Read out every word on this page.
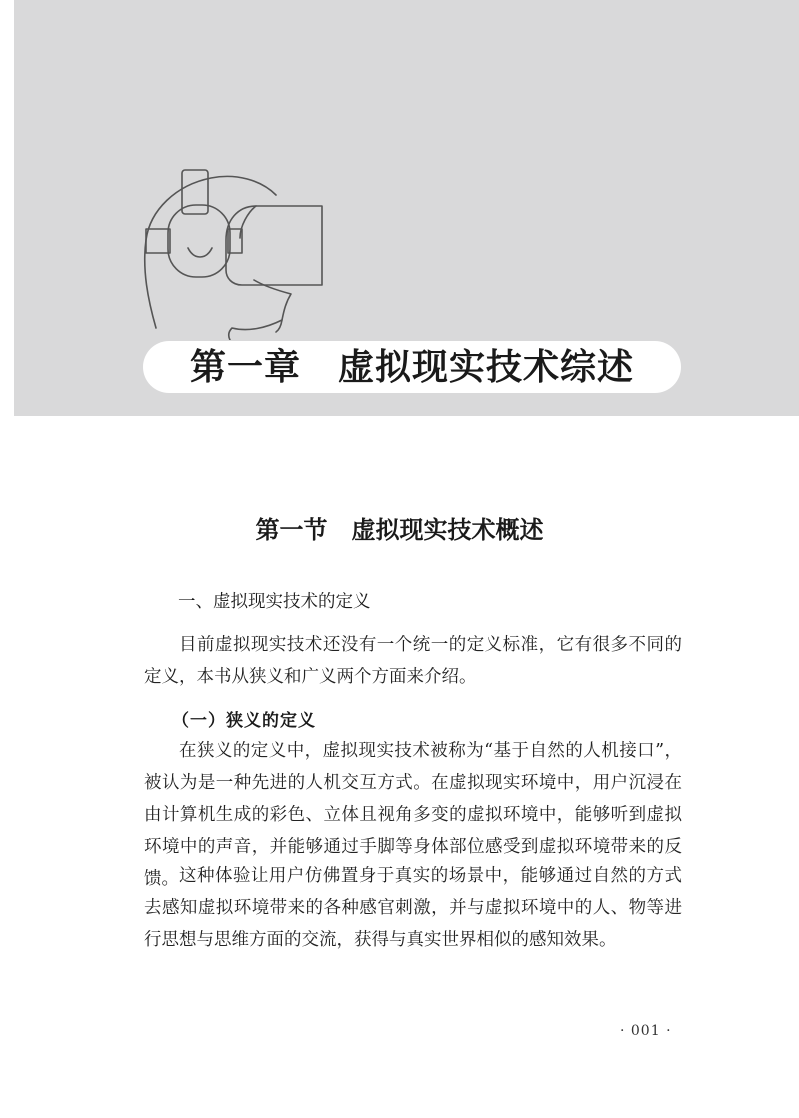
第一章　虚拟现实技术综述
第一节　虚拟现实技术概述
一、虚拟现实技术的定义

目前虚拟现实技术还没有一个统一的定义标准，它有很多不同的定义，本书从狭义和广义两个方面来介绍。

（一）狭义的定义

在狭义的定义中，虚拟现实技术被称为“基于自然的人机接口”，被认为是一种先进的人机交互方式。在虚拟现实环境中，用户沉浸在由计算机生成的彩色、立体且视角多变的虚拟环境中，能够听到虚拟环境中的声音，并能够通过手脚等身体部位感受到虚拟环境带来的反馈。 这种体验让用户仿佛置身于真实的场景中，能够通过自然的方式去感知虚拟环境带来的各种感官刺激，并与虚拟环境中的人、物等进行思想与思维方面的交流，获得与真实世界相似的感知效果。

· 001 ·
